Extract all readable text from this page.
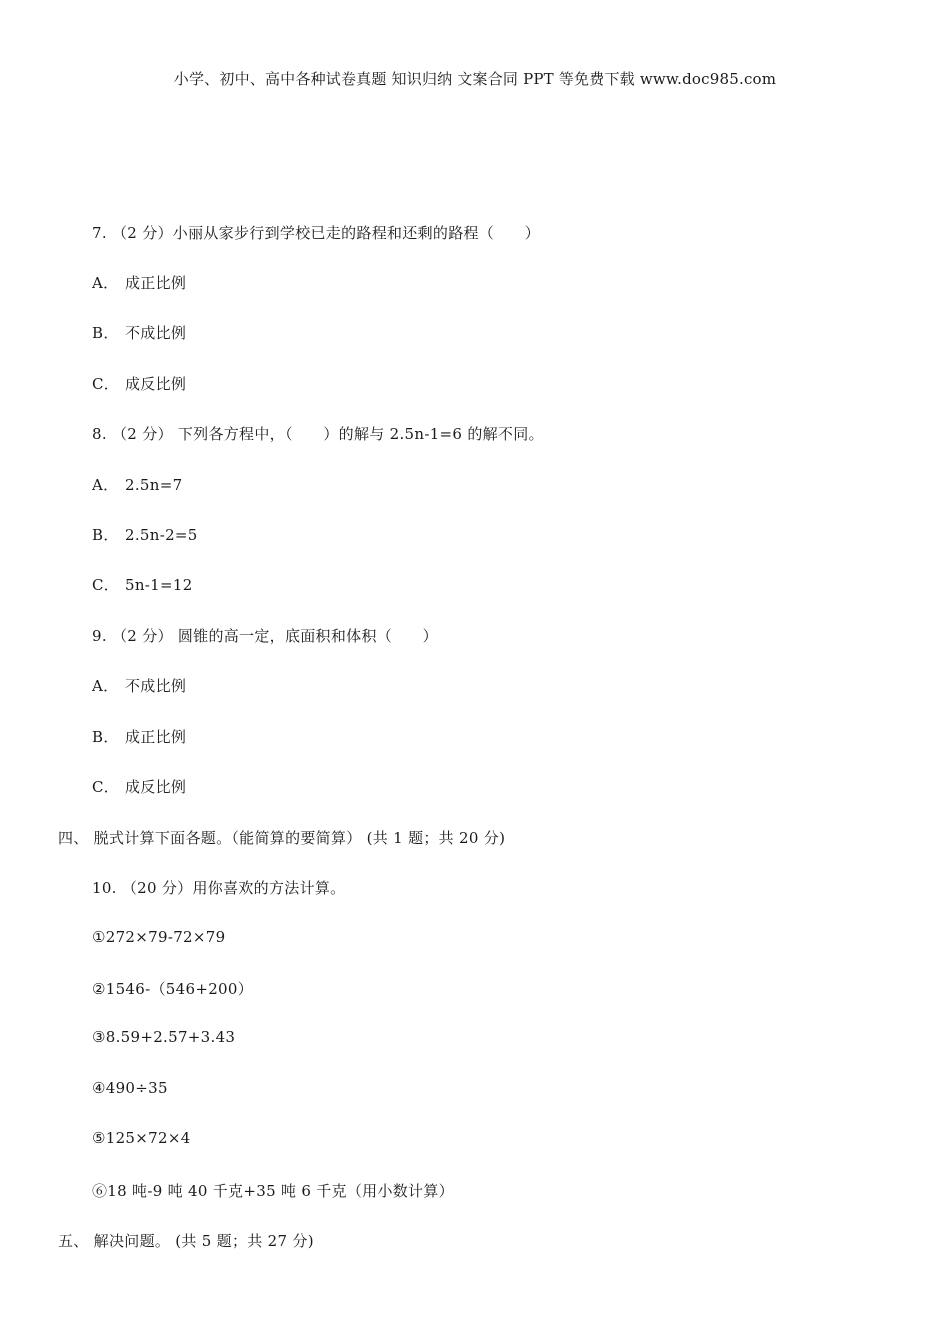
小学、初中、高中各种试卷真题 知识归纳 文案合同 PPT 等免费下载 www.doc985.com
7. （2 分）小丽从家步行到学校已走的路程和还剩的路程（　　）
A． 成正比例
B． 不成比例
C． 成反比例
8. （2 分） 下列各方程中，（　　）的解与 2.5n-1=6 的解不同。
A． 2.5n=7
B． 2.5n-2=5
C． 5n-1=12
9. （2 分） 圆锥的高一定，底面积和体积（　　）
A． 不成比例
B． 成正比例
C． 成反比例
四、 脱式计算下面各题。（能简算的要简算） (共 1 题；共 20 分)
10. （20 分）用你喜欢的方法计算。
①272×79-72×79
②1546-（546+200）
③8.59+2.57+3.43
④490÷35
⑤125×72×4
⑥18 吨-9 吨 40 千克+35 吨 6 千克（用小数计算）
五、 解决问题。 (共 5 题；共 27 分)
